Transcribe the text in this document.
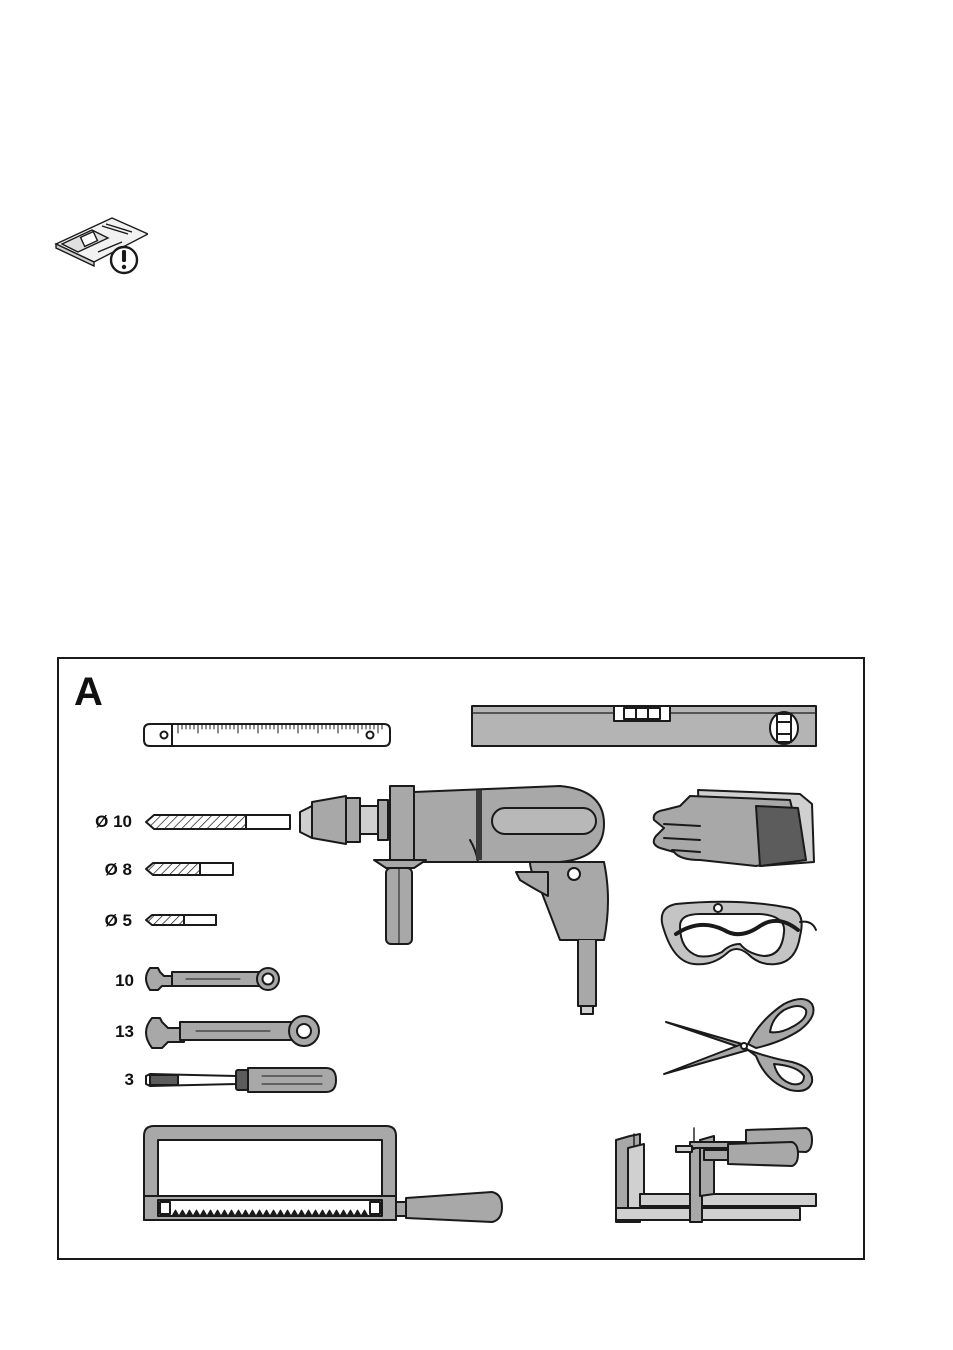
A
Ø 10
Ø 8
Ø 5
10
13
3
